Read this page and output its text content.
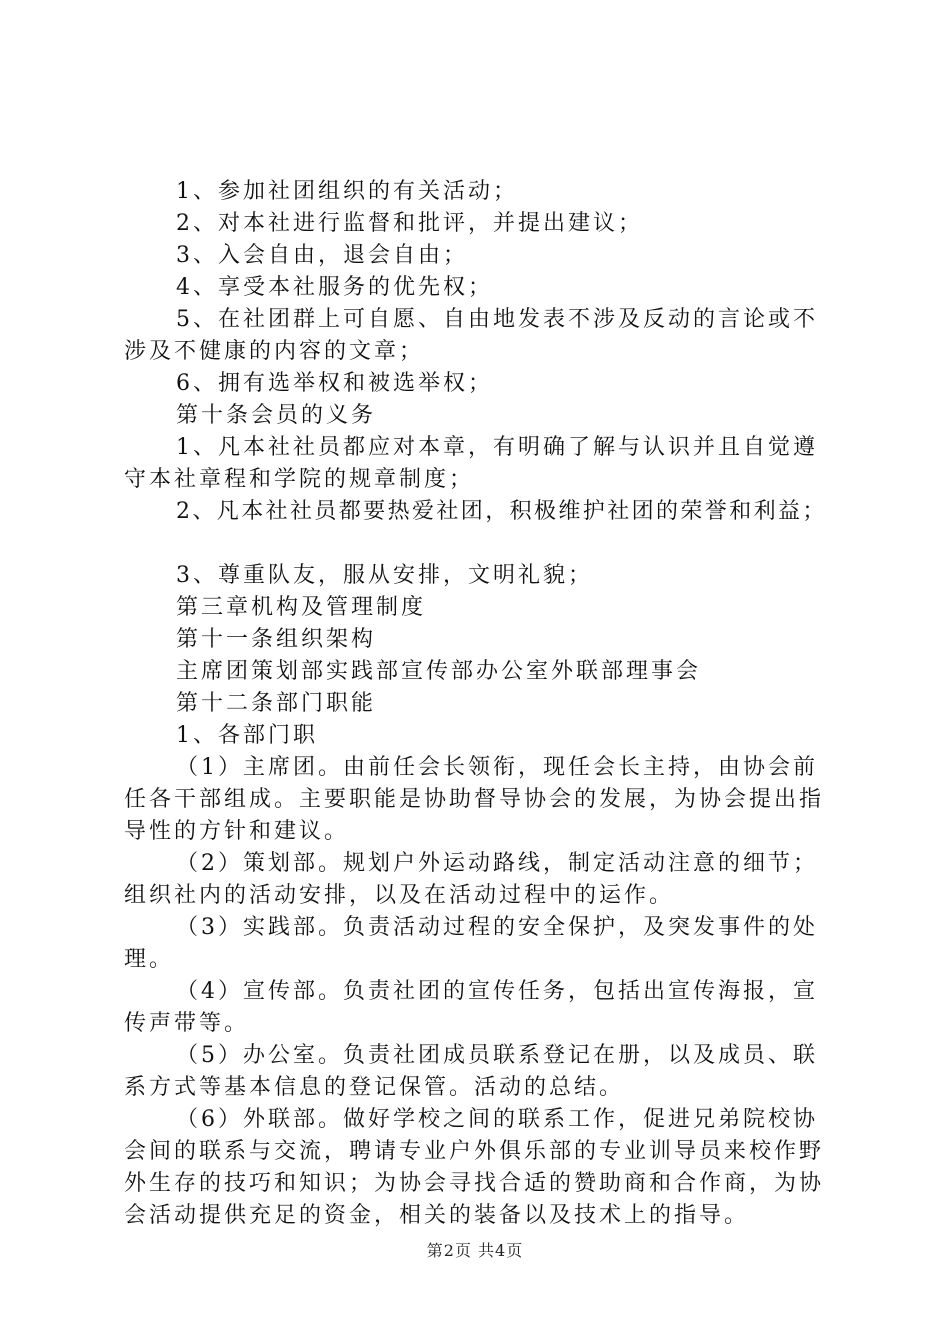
1、参加社团组织的有关活动；

2、对本社进行监督和批评，并提出建议；

3、入会自由，退会自由；

4、享受本社服务的优先权；

5、在社团群上可自愿、自由地发表不涉及反动的言论或不涉及不健康的内容的文章；

6、拥有选举权和被选举权；

第十条会员的义务

1、凡本社社员都应对本章，有明确了解与认识并且自觉遵守本社章程和学院的规章制度；

2、凡本社社员都要热爱社团，积极维护社团的荣誉和利益；

3、尊重队友，服从安排，文明礼貌；

第三章机构及管理制度

第十一条组织架构

主席团策划部实践部宣传部办公室外联部理事会

第十二条部门职能

1、各部门职

（1）主席团。由前任会长领衔，现任会长主持，由协会前任各干部组成。主要职能是协助督导协会的发展，为协会提出指导性的方针和建议。

（2）策划部。规划户外运动路线，制定活动注意的细节；组织社内的活动安排，以及在活动过程中的运作。

（3）实践部。负责活动过程的安全保护，及突发事件的处理。

（4）宣传部。负责社团的宣传任务，包括出宣传海报，宣传声带等。

（5）办公室。负责社团成员联系登记在册，以及成员、联系方式等基本信息的登记保管。活动的总结。

（6）外联部。做好学校之间的联系工作，促进兄弟院校协会间的联系与交流，聘请专业户外俱乐部的专业训导员来校作野外生存的技巧和知识；为协会寻找合适的赞助商和合作商，为协会活动提供充足的资金，相关的装备以及技术上的指导。

第2页 共4页
